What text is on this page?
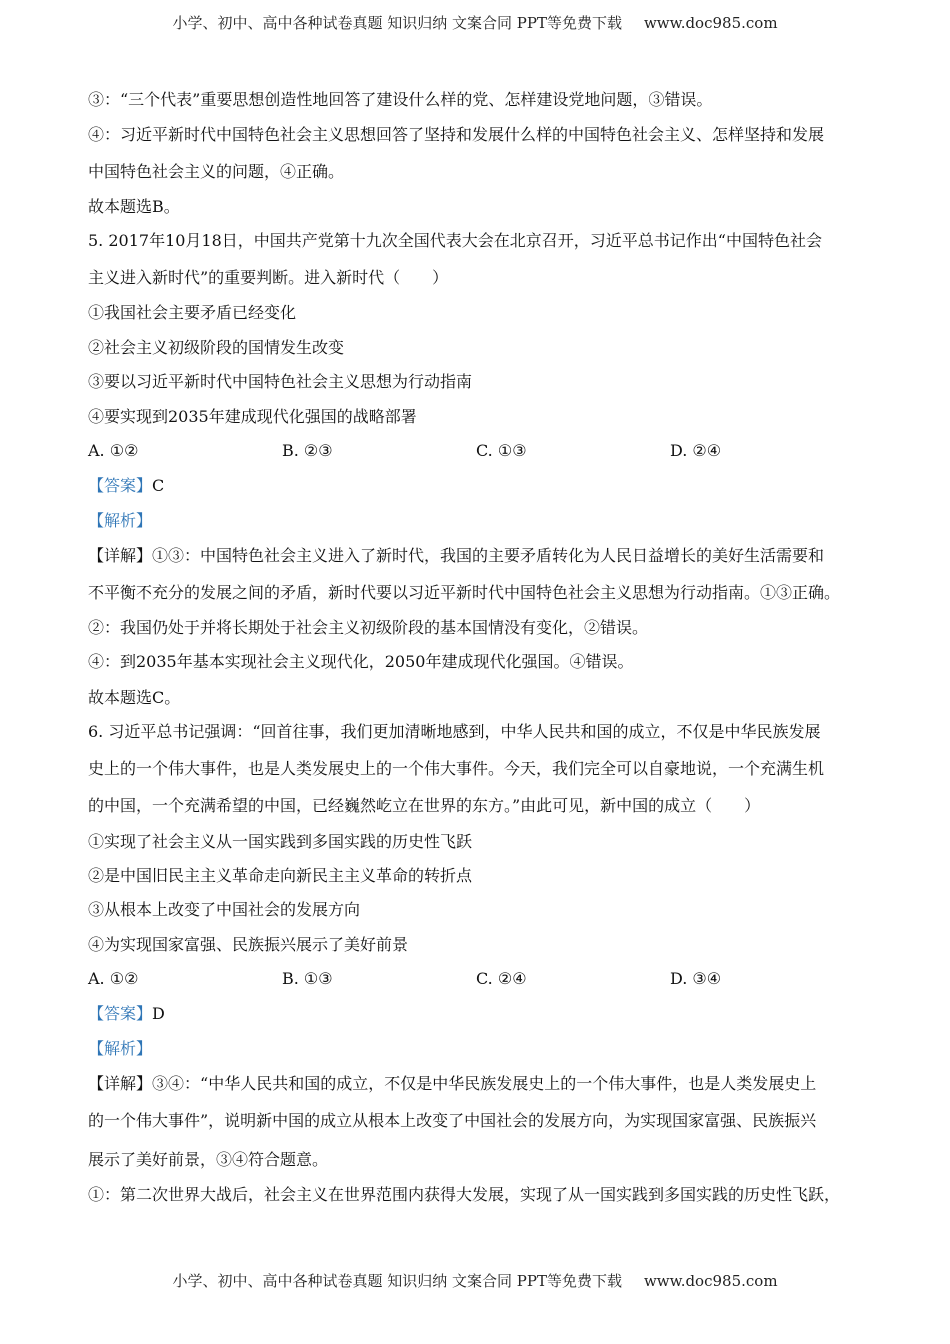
小学、初中、高中各种试卷真题 知识归纳 文案合同 PPT等免费下载 www.doc985.com
③：“三个代表”重要思想创造性地回答了建设什么样的党、怎样建设党地问题，③错误。
④：习近平新时代中国特色社会主义思想回答了坚持和发展什么样的中国特色社会主义、怎样坚持和发展
中国特色社会主义的问题，④正确。
故本题选B。
5. 2017年10月18日，中国共产党第十九次全国代表大会在北京召开，习近平总书记作出“中国特色社会
主义进入新时代”的重要判断。进入新时代（　　）
①我国社会主要矛盾已经变化
②社会主义初级阶段的国情发生改变
③要以习近平新时代中国特色社会主义思想为行动指南
④要实现到2035年建成现代化强国的战略部署
A. ①②	B. ②③	C. ①③	D. ②④
【答案】C
【解析】
【详解】①③：中国特色社会主义进入了新时代，我国的主要矛盾转化为人民日益增长的美好生活需要和
不平衡不充分的发展之间的矛盾，新时代要以习近平新时代中国特色社会主义思想为行动指南。①③正确。
②：我国仍处于并将长期处于社会主义初级阶段的基本国情没有变化，②错误。
④：到2035年基本实现社会主义现代化，2050年建成现代化强国。④错误。
故本题选C。
6. 习近平总书记强调：“回首往事，我们更加清晰地感到，中华人民共和国的成立，不仅是中华民族发展
史上的一个伟大事件，也是人类发展史上的一个伟大事件。今天，我们完全可以自豪地说，一个充满生机
的中国，一个充满希望的中国，已经巍然屹立在世界的东方。”由此可见，新中国的成立（　　）
①实现了社会主义从一国实践到多国实践的历史性飞跃
②是中国旧民主主义革命走向新民主主义革命的转折点
③从根本上改变了中国社会的发展方向
④为实现国家富强、民族振兴展示了美好前景
A. ①②	B. ①③	C. ②④	D. ③④
【答案】D
【解析】
【详解】③④：“中华人民共和国的成立，不仅是中华民族发展史上的一个伟大事件，也是人类发展史上
的一个伟大事件”，说明新中国的成立从根本上改变了中国社会的发展方向，为实现国家富强、民族振兴
展示了美好前景，③④符合题意。
①：第二次世界大战后，社会主义在世界范围内获得大发展，实现了从一国实践到多国实践的历史性飞跃，
小学、初中、高中各种试卷真题 知识归纳 文案合同 PPT等免费下载 www.doc985.com
